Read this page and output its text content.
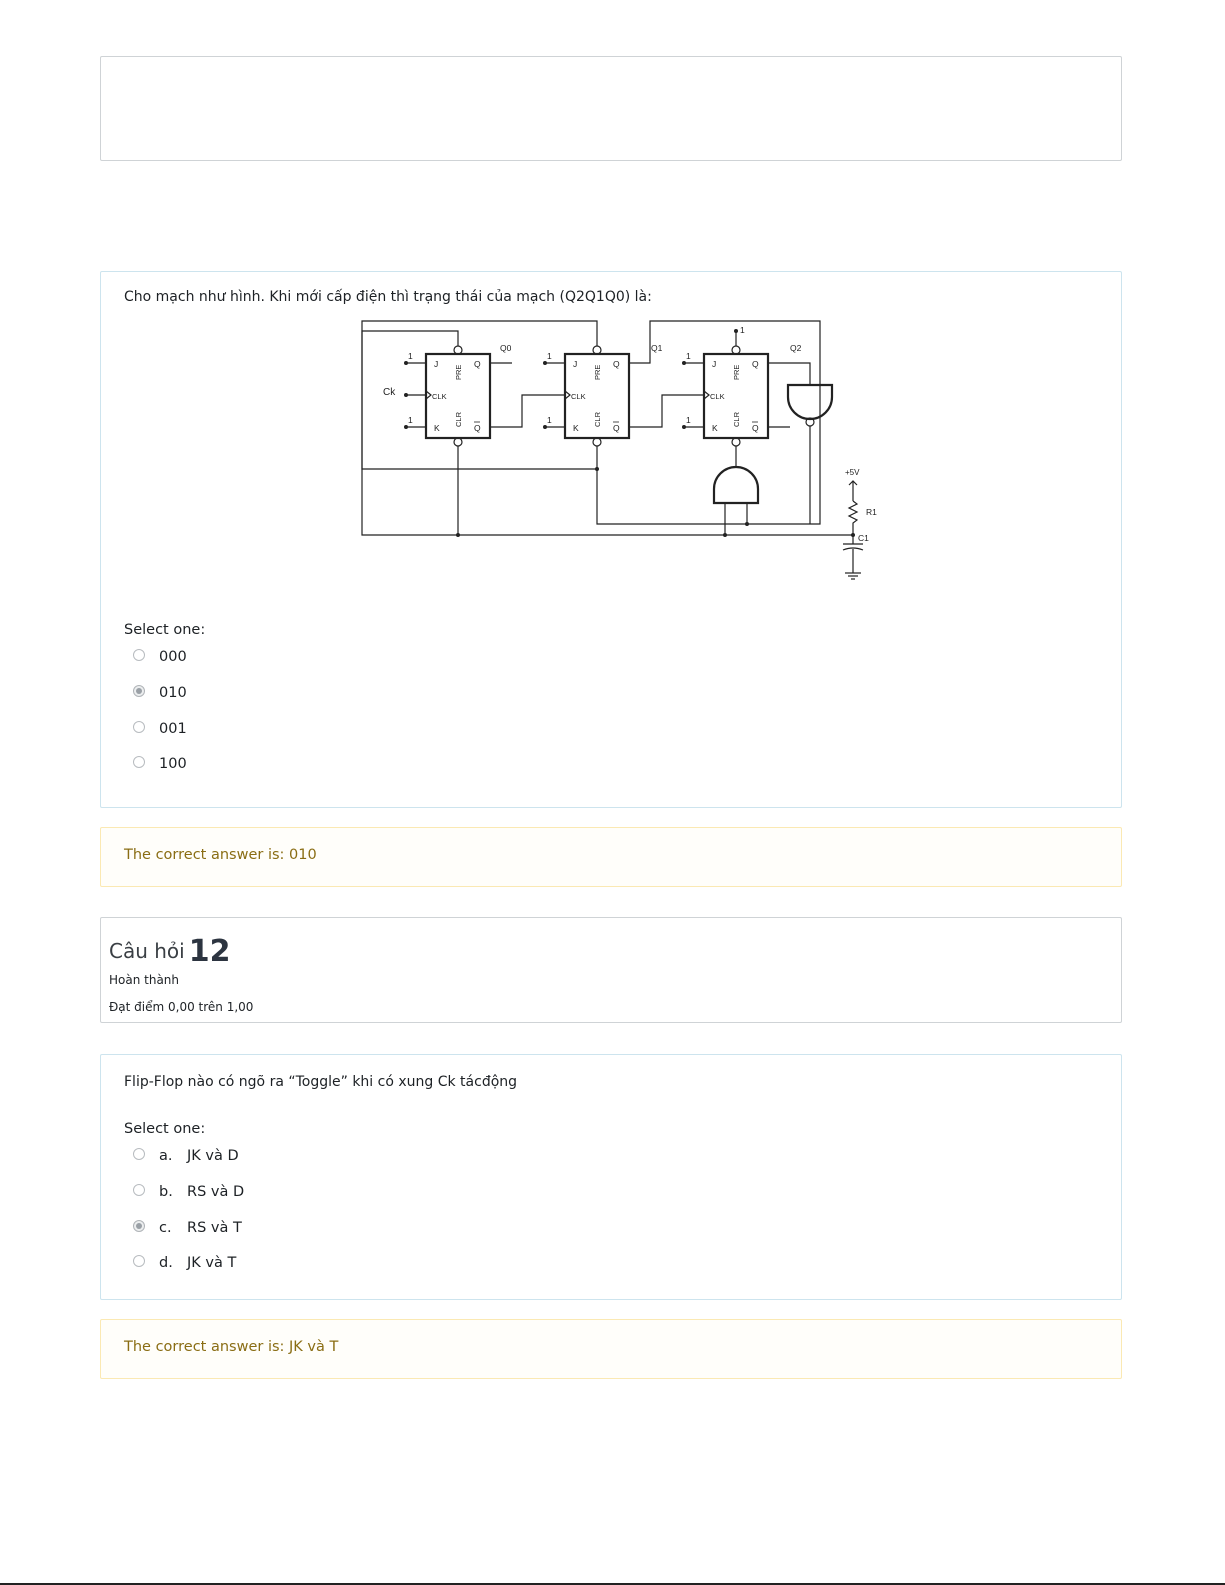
Cho mạch như hình. Khi mới cấp điện thì trạng thái của mạch (Q2Q1Q0) là:
1
1
1
1
1
1
1
Ck
Q0	Q1	Q2
+5V
R1
C1
J
K
Q
Q
CLK
PRE
CLR
J
K
Q
Q
CLK
PRE
CLR
J
K
Q
Q
CLK
PRE
CLR
Select one:
000
010
001
100
The correct answer is: 010
Câu hỏi 12
Hoàn thành
Đạt điểm 0,00 trên 1,00
Flip-Flop nào có ngõ ra “Toggle” khi có xung Ck tácđộng
Select one:
a.	JK và D
b. RS và D
c.	RS và T
d. JK và T
The correct answer is: JK và T
